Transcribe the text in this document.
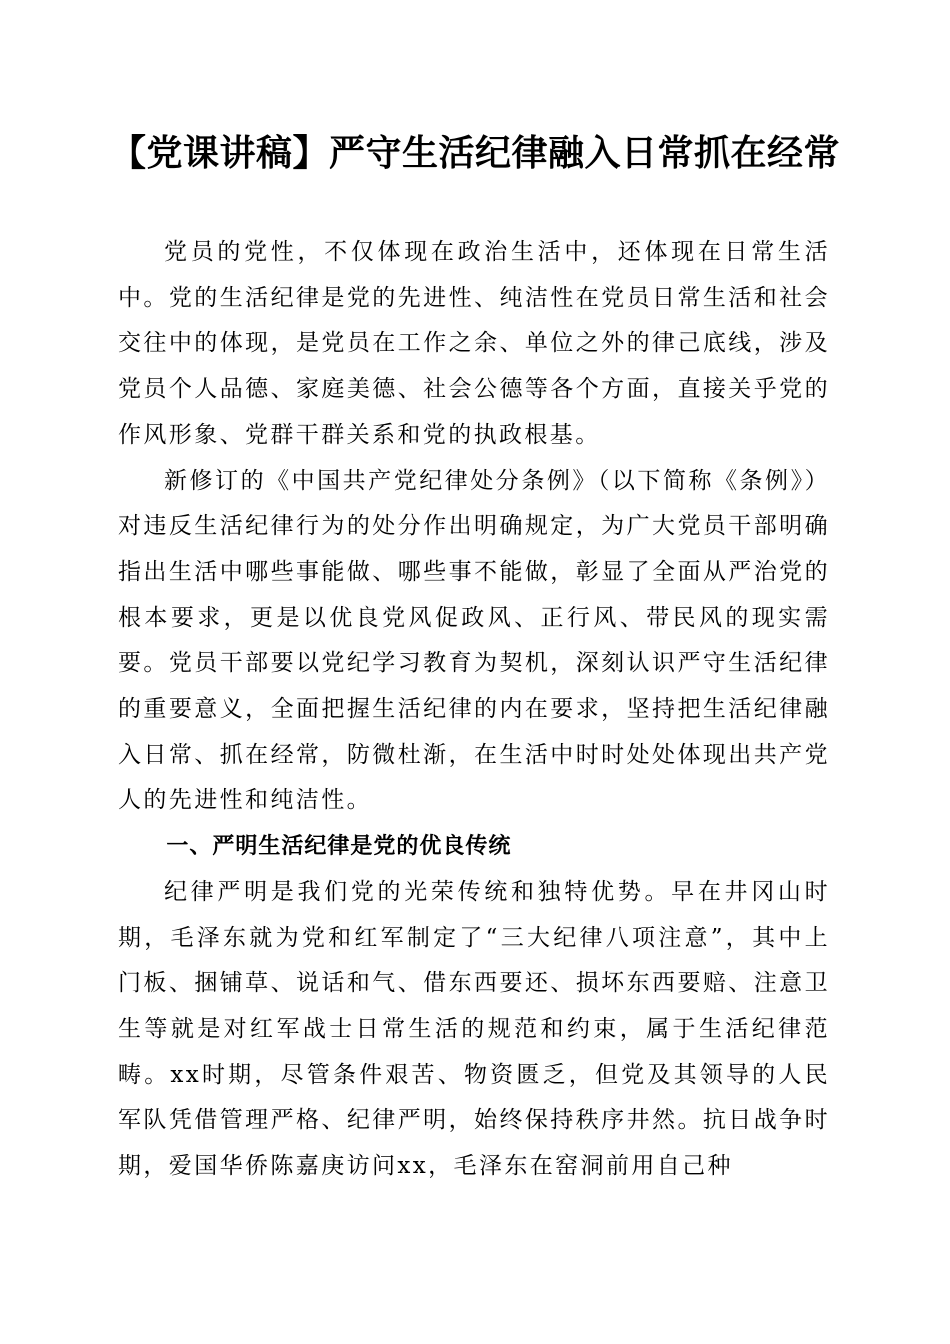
【党课讲稿】严守生活纪律融入日常抓在经常

党员的党性，不仅体现在政治生活中，还体现在日常生活中。党的生活纪律是党的先进性、纯洁性在党员日常生活和社会交往中的体现，是党员在工作之余、单位之外的律己底线，涉及党员个人品德、家庭美德、社会公德等各个方面，直接关乎党的作风形象、党群干群关系和党的执政根基。

新修订的《中国共产党纪律处分条例》（以下简称《条例》）对违反生活纪律行为的处分作出明确规定，为广大党员干部明确指出生活中哪些事能做、哪些事不能做，彰显了全面从严治党的根本要求，更是以优良党风促政风、正行风、带民风的现实需要。党员干部要以党纪学习教育为契机，深刻认识严守生活纪律的重要意义，全面把握生活纪律的内在要求，坚持把生活纪律融入日常、抓在经常，防微杜渐，在生活中时时处处体现出共产党人的先进性和纯洁性。

一、严明生活纪律是党的优良传统

纪律严明是我们党的光荣传统和独特优势。早在井冈山时期，毛泽东就为党和红军制定了“三大纪律八项注意”，其中上门板、捆铺草、说话和气、借东西要还、损坏东西要赔、注意卫生等就是对红军战士日常生活的规范和约束，属于生活纪律范畴。xx时期，尽管条件艰苦、物资匮乏，但党及其领导的人民军队凭借管理严格、纪律严明，始终保持秩序井然。抗日战争时期，爱国华侨陈嘉庚访问xx，毛泽东在窑洞前用自己种
